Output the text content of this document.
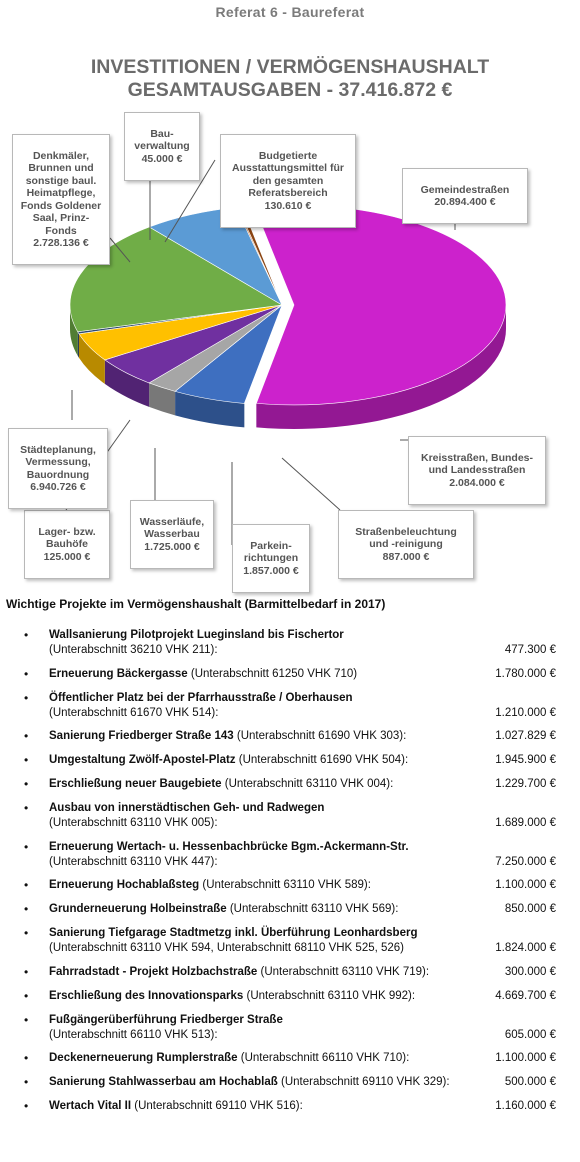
Referat 6 - Baureferat
INVESTITIONEN / VERMÖGENSHAUSHALT
GESAMTAUSGABEN - 37.416.872 €

Gemeindestraßen

20.894.400 €

Kreisstraßen, Bundes-
und Landesstraßen

2.084.000 €

Straßenbeleuchtung
und -reinigung

887.000 €

Parkein-
richtungen

1.857.000 €

Wasserläufe,
Wasserbau

1.725.000 €

Lager- bzw.
Bauhöfe

125.000 €

Städteplanung,
Vermessung,
Bauordnung

6.940.726 €

Denkmäler,
Brunnen und
sonstige baul.
Heimatpflege,
Fonds Goldener
Saal, Prinz-
Fonds

2.728.136 €

Bau-
verwaltung

45.000 €	Budgetierte
Ausstattungsmittel für
den gesamten
Referatsbereich

130.610 €

Wichtige Projekte im Vermögenshaushalt (Barmittelbedarf in 2017)
• Wallsanierung Pilotprojekt Lueginsland bis Fischertor
(Unterabschnitt 36210 VHK 211):	477.300 €
• Erneuerung Bäckergasse (Unterabschnitt 61250 VHK 710)	1.780.000 €
• Öffentlicher Platz bei der Pfarrhausstraße / Oberhausen
(Unterabschnitt 61670 VHK 514):	1.210.000 €
• Sanierung Friedberger Straße 143 (Unterabschnitt 61690 VHK 303):	1.027.829 €
• Umgestaltung Zwölf-Apostel-Platz (Unterabschnitt 61690 VHK 504):	1.945.900 €
• Erschließung neuer Baugebiete (Unterabschnitt 63110 VHK 004):	1.229.700 €
• Ausbau von innerstädtischen Geh- und Radwegen
(Unterabschnitt 63110 VHK 005):	1.689.000 €
• Erneuerung Wertach- u. Hessenbachbrücke Bgm.-Ackermann-Str.
(Unterabschnitt 63110 VHK 447):	7.250.000 €
• Erneuerung Hochablaßsteg (Unterabschnitt 63110 VHK 589):	1.100.000 €
• Grunderneuerung Holbeinstraße (Unterabschnitt 63110 VHK 569):	850.000 €
• Sanierung Tiefgarage Stadtmetzg inkl. Überführung Leonhardsberg
(Unterabschnitt 63110 VHK 594, Unterabschnitt 68110 VHK 525, 526)	1.824.000 €
• Fahrradstadt - Projekt Holzbachstraße (Unterabschnitt 63110 VHK 719):	300.000 €
• Erschließung des Innovationsparks (Unterabschnitt 63110 VHK 992):	4.669.700 €
• Fußgängerüberführung Friedberger Straße
(Unterabschnitt 66110 VHK 513):	605.000 €
• Deckenerneuerung Rumplerstraße (Unterabschnitt 66110 VHK 710):	1.100.000 €
• Sanierung Stahlwasserbau am Hochablaß (Unterabschnitt 69110 VHK 329):	500.000 €
• Wertach Vital II (Unterabschnitt 69110 VHK 516):	1.160.000 €
